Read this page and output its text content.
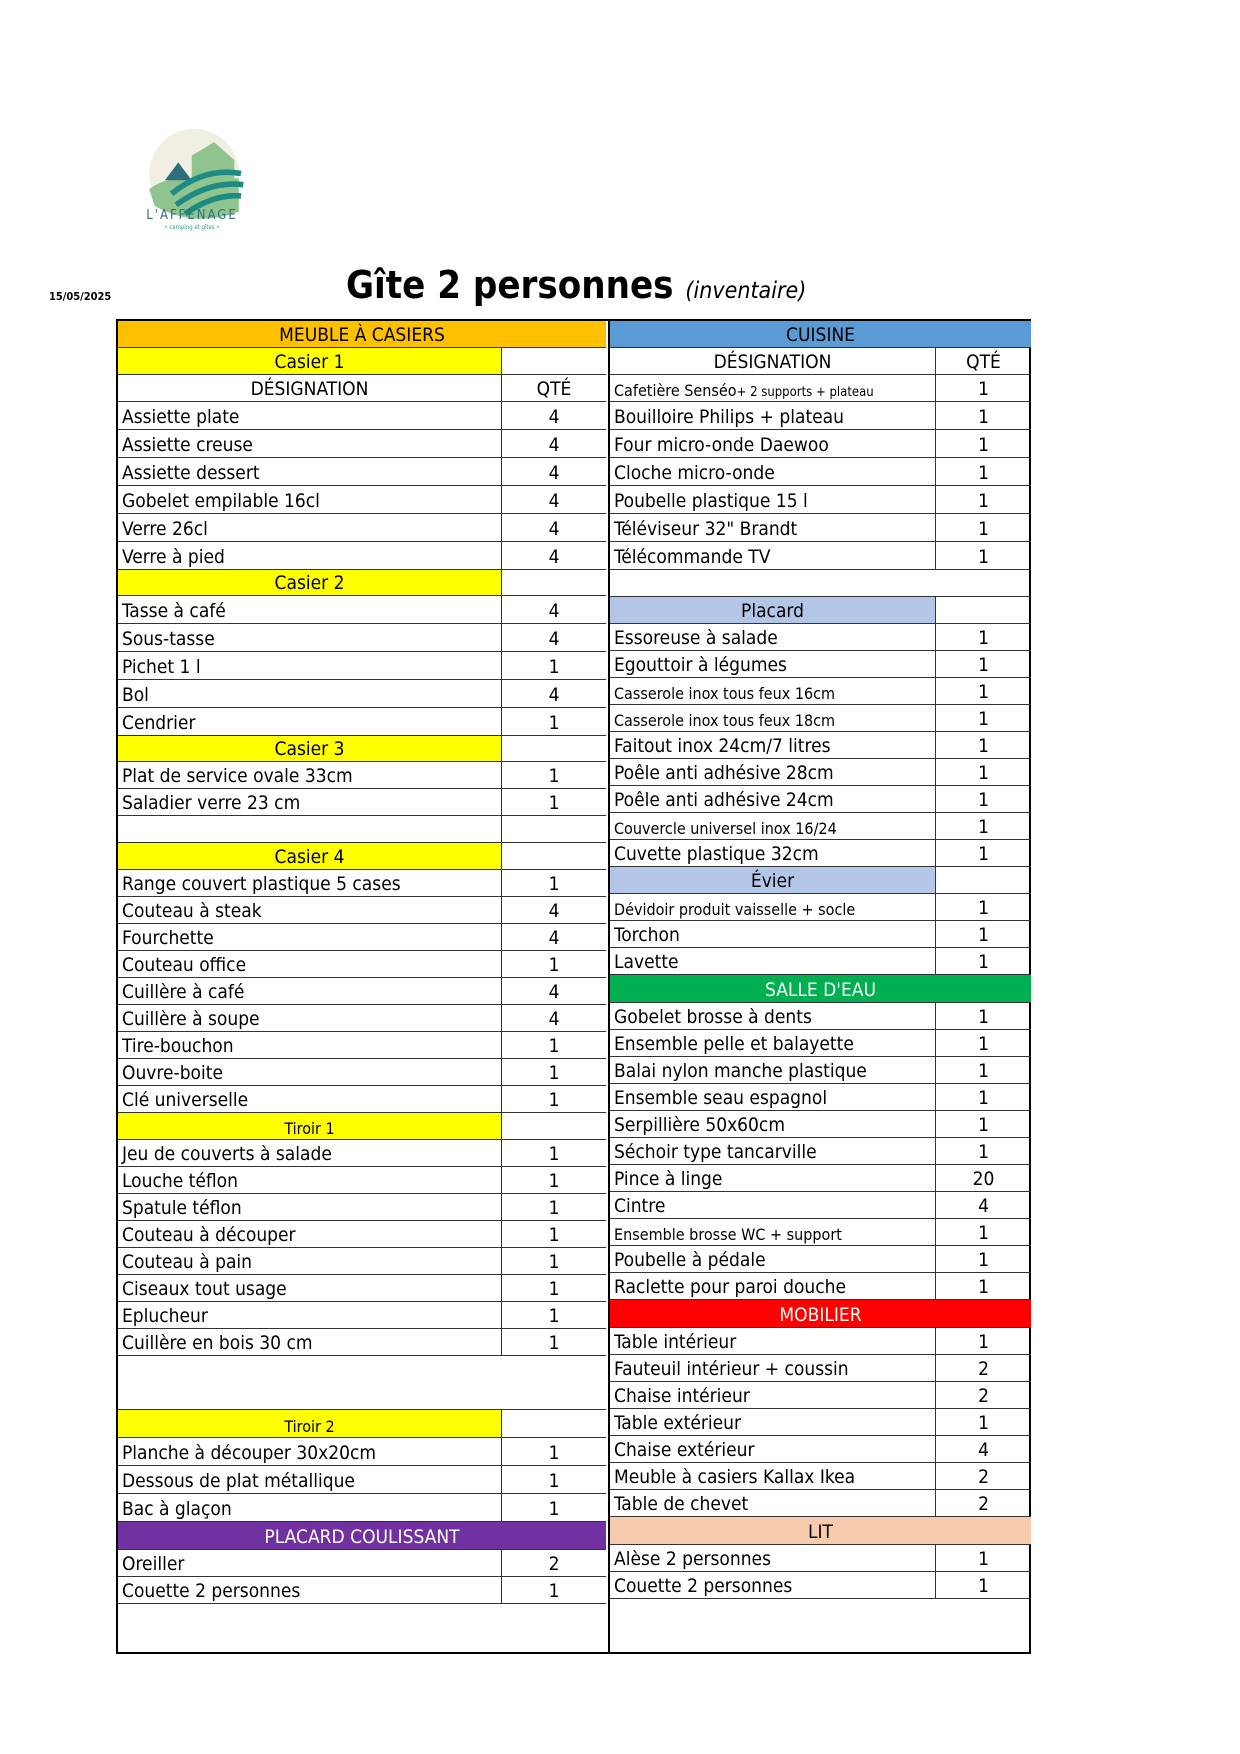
L'AFFENAGE
• camping et gîtes •
15/05/2025	Gîte 2 personnes (inventaire)
MEUBLE À CASIERS
Casier 1
DÉSIGNATION	QTÉ
Assiette plate	4
Assiette creuse	4
Assiette dessert	4
Gobelet empilable 16cl	4
Verre 26cl	4
Verre à pied	4
Casier 2
Tasse à café	4
Sous-tasse	4
Pichet 1 l	1
Bol	4
Cendrier	1
Casier 3
Plat de service ovale 33cm	1
Saladier verre 23 cm	1
Casier 4
Range couvert plastique 5 cases	1
Couteau à steak	4
Fourchette	4
Couteau office	1
Cuillère à café	4
Cuillère à soupe	4
Tire-bouchon	1
Ouvre-boite	1
Clé universelle	1
Tiroir 1
Jeu de couverts à salade	1
Louche téflon	1
Spatule téflon	1
Couteau à découper	1
Couteau à pain	1
Ciseaux tout usage	1
Eplucheur	1
Cuillère en bois 30 cm	1
Tiroir 2
Planche à découper 30x20cm	1
Dessous de plat métallique	1
Bac à glaçon	1
PLACARD COULISSANT
Oreiller	2
Couette 2 personnes	1
CUISINE
DÉSIGNATION	QTÉ
Cafetière Senséo + 2 supports + plateau	1
Bouilloire Philips + plateau	1
Four micro-onde Daewoo	1
Cloche micro-onde	1
Poubelle plastique 15 l	1
Téléviseur 32" Brandt	1
Télécommande TV	1
Placard
Essoreuse à salade	1
Egouttoir à légumes	1
Casserole inox tous feux 16cm	1
Casserole inox tous feux 18cm	1
Faitout inox 24cm/7 litres	1
Poêle anti adhésive 28cm	1
Poêle anti adhésive 24cm	1
Couvercle universel inox 16/24	1
Cuvette plastique 32cm	1
Évier
Dévidoir produit vaisselle + socle	1
Torchon	1
Lavette	1
SALLE D'EAU
Gobelet brosse à dents	1
Ensemble pelle et balayette	1
Balai nylon manche plastique	1
Ensemble seau espagnol	1
Serpillière 50x60cm	1
Séchoir type tancarville	1
Pince à linge	20
Cintre	4
Ensemble brosse WC + support	1
Poubelle à pédale	1
Raclette pour paroi douche	1
MOBILIER
Table intérieur	1
Fauteuil intérieur + coussin	2
Chaise intérieur	2
Table extérieur	1
Chaise extérieur	4
Meuble à casiers Kallax Ikea	2
Table de chevet	2
LIT
Alèse 2 personnes	1
Couette 2 personnes	1
